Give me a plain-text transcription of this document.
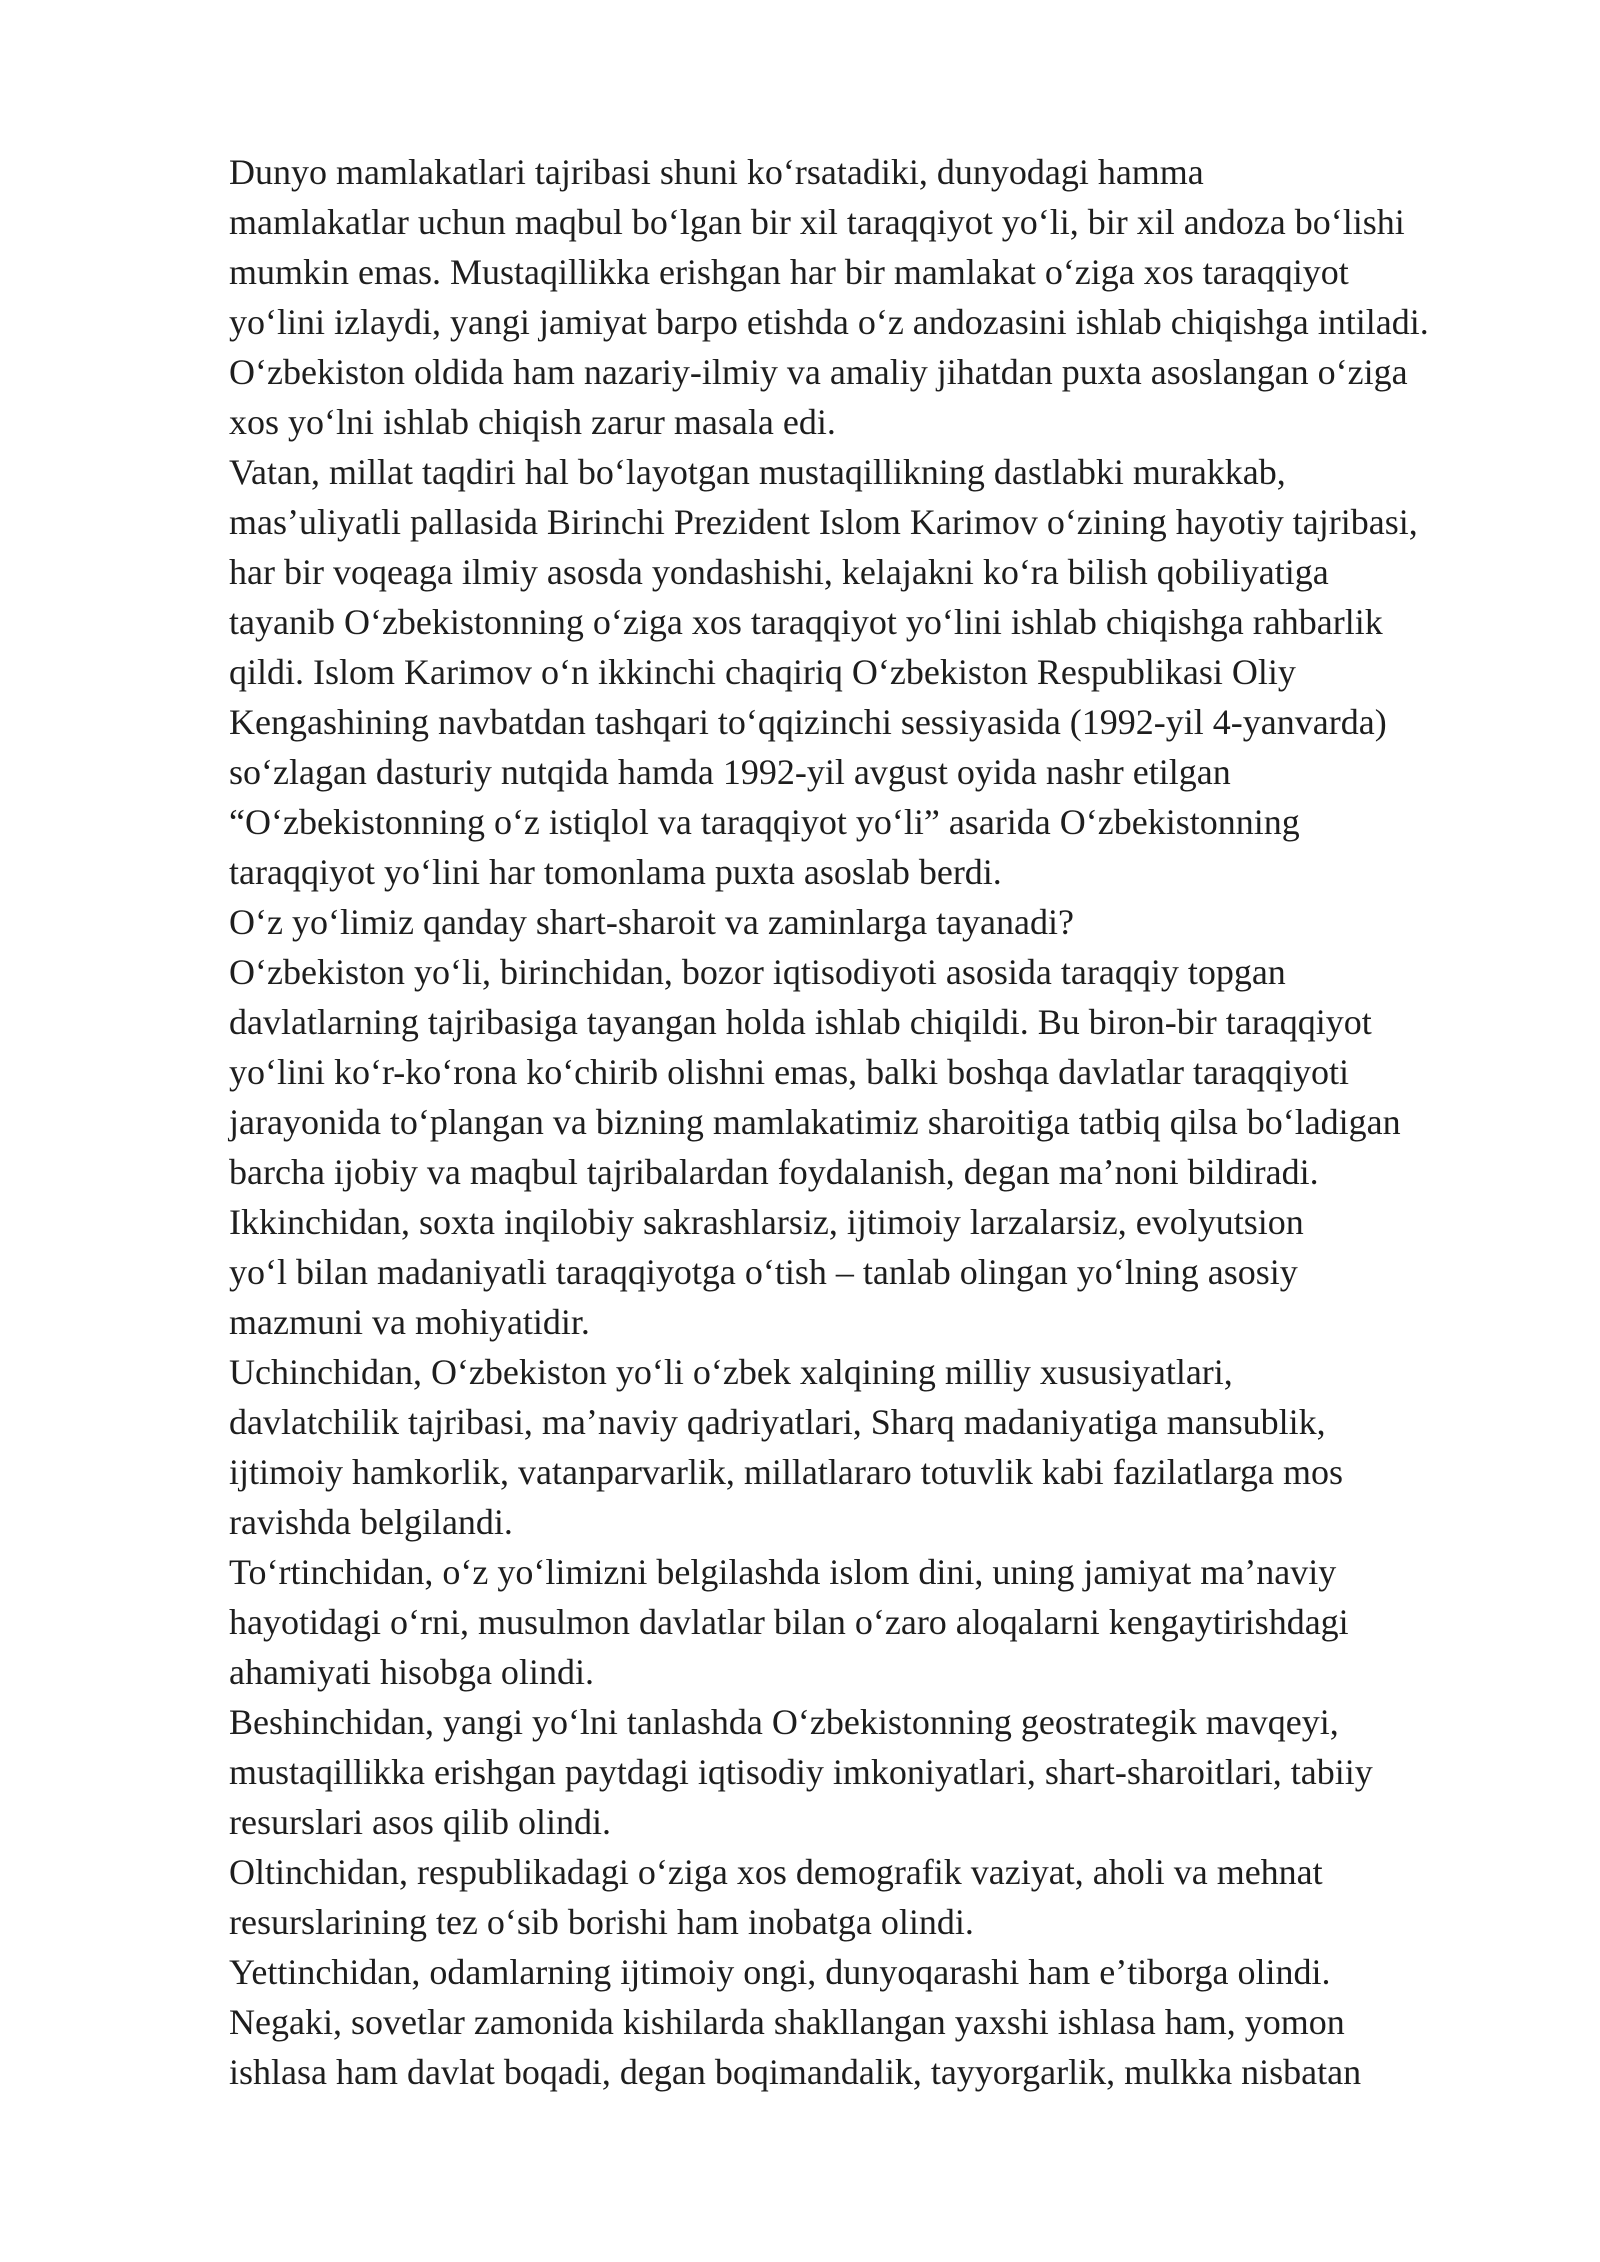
Dunyo mamlakatlari tajribasi shuni koʻrsatadiki, dunyodagi hamma
mamlakatlar uchun maqbul boʻlgan bir xil taraqqiyot yoʻli, bir xil andoza boʻlishi
mumkin emas. Mustaqillikka erishgan har bir mamlakat oʻziga xos taraqqiyot
yoʻlini izlaydi, yangi jamiyat barpo etishda oʻz andozasini ishlab chiqishga intiladi.
Oʻzbekiston oldida ham nazariy-ilmiy va amaliy jihatdan puxta asoslangan oʻziga
xos yoʻlni ishlab chiqish zarur masala edi.
Vatan, millat taqdiri hal boʻlayotgan mustaqillikning dastlabki murakkab,
masʼuliyatli pallasida Birinchi Prezident Islom Karimov oʻzining hayotiy tajribasi,
har bir voqeaga ilmiy asosda yondashishi, kelajakni koʻra bilish qobiliyatiga
tayanib Oʻzbekistonning oʻziga xos taraqqiyot yoʻlini ishlab chiqishga rahbarlik
qildi. Islom Karimov oʻn ikkinchi chaqiriq Oʻzbekiston Respublikasi Oliy
Kengashining navbatdan tashqari toʻqqizinchi sessiyasida (1992-yil 4-yanvarda)
soʻzlagan dasturiy nutqida hamda 1992-yil avgust oyida nashr etilgan
“Oʻzbekistonning oʻz istiqlol va taraqqiyot yoʻli” asarida Oʻzbekistonning
taraqqiyot yoʻlini har tomonlama puxta asoslab berdi.
Oʻz yoʻlimiz qanday shart-sharoit va zaminlarga tayanadi?
Oʻzbekiston yoʻli, birinchidan, bozor iqtisodiyoti asosida taraqqiy topgan
davlatlarning tajribasiga tayangan holda ishlab chiqildi. Bu biron-bir taraqqiyot
yoʻlini koʻr-koʻrona koʻchirib olishni emas, balki boshqa davlatlar taraqqiyoti
jarayonida toʻplangan va bizning mamlakatimiz sharoitiga tatbiq qilsa boʻladigan
barcha ijobiy va maqbul tajribalardan foydalanish, degan maʼnoni bildiradi.
Ikkinchidan, soxta inqilobiy sakrashlarsiz, ijtimoiy larzalarsiz, evolyutsion
yoʻl bilan madaniyatli taraqqiyotga oʻtish – tanlab olingan yoʻlning asosiy
mazmuni va mohiyatidir.
Uchinchidan, Oʻzbekiston yoʻli oʻzbek xalqining milliy xususiyatlari,
davlatchilik tajribasi, maʼnaviy qadriyatlari, Sharq madaniyatiga mansublik,
ijtimoiy hamkorlik, vatanparvarlik, millatlararo totuvlik kabi fazilatlarga mos
ravishda belgilandi.
Toʻrtinchidan, oʻz yoʻlimizni belgilashda islom dini, uning jamiyat maʼnaviy
hayotidagi oʻrni, musulmon davlatlar bilan oʻzaro aloqalarni kengaytirishdagi
ahamiyati hisobga olindi.
Beshinchidan, yangi yoʻlni tanlashda Oʻzbekistonning geostrategik mavqeyi,
mustaqillikka erishgan paytdagi iqtisodiy imkoniyatlari, shart-sharoitlari, tabiiy
resurslari asos qilib olindi.
Oltinchidan, respublikadagi oʻziga xos demografik vaziyat, aholi va mehnat
resurslarining tez oʻsib borishi ham inobatga olindi.
Yettinchidan, odamlarning ijtimoiy ongi, dunyoqarashi ham eʼtiborga olindi.
Negaki, sovetlar zamonida kishilarda shakllangan yaxshi ishlasa ham, yomon
ishlasa ham davlat boqadi, degan boqimandalik, tayyorgarlik, mulkka nisbatan
